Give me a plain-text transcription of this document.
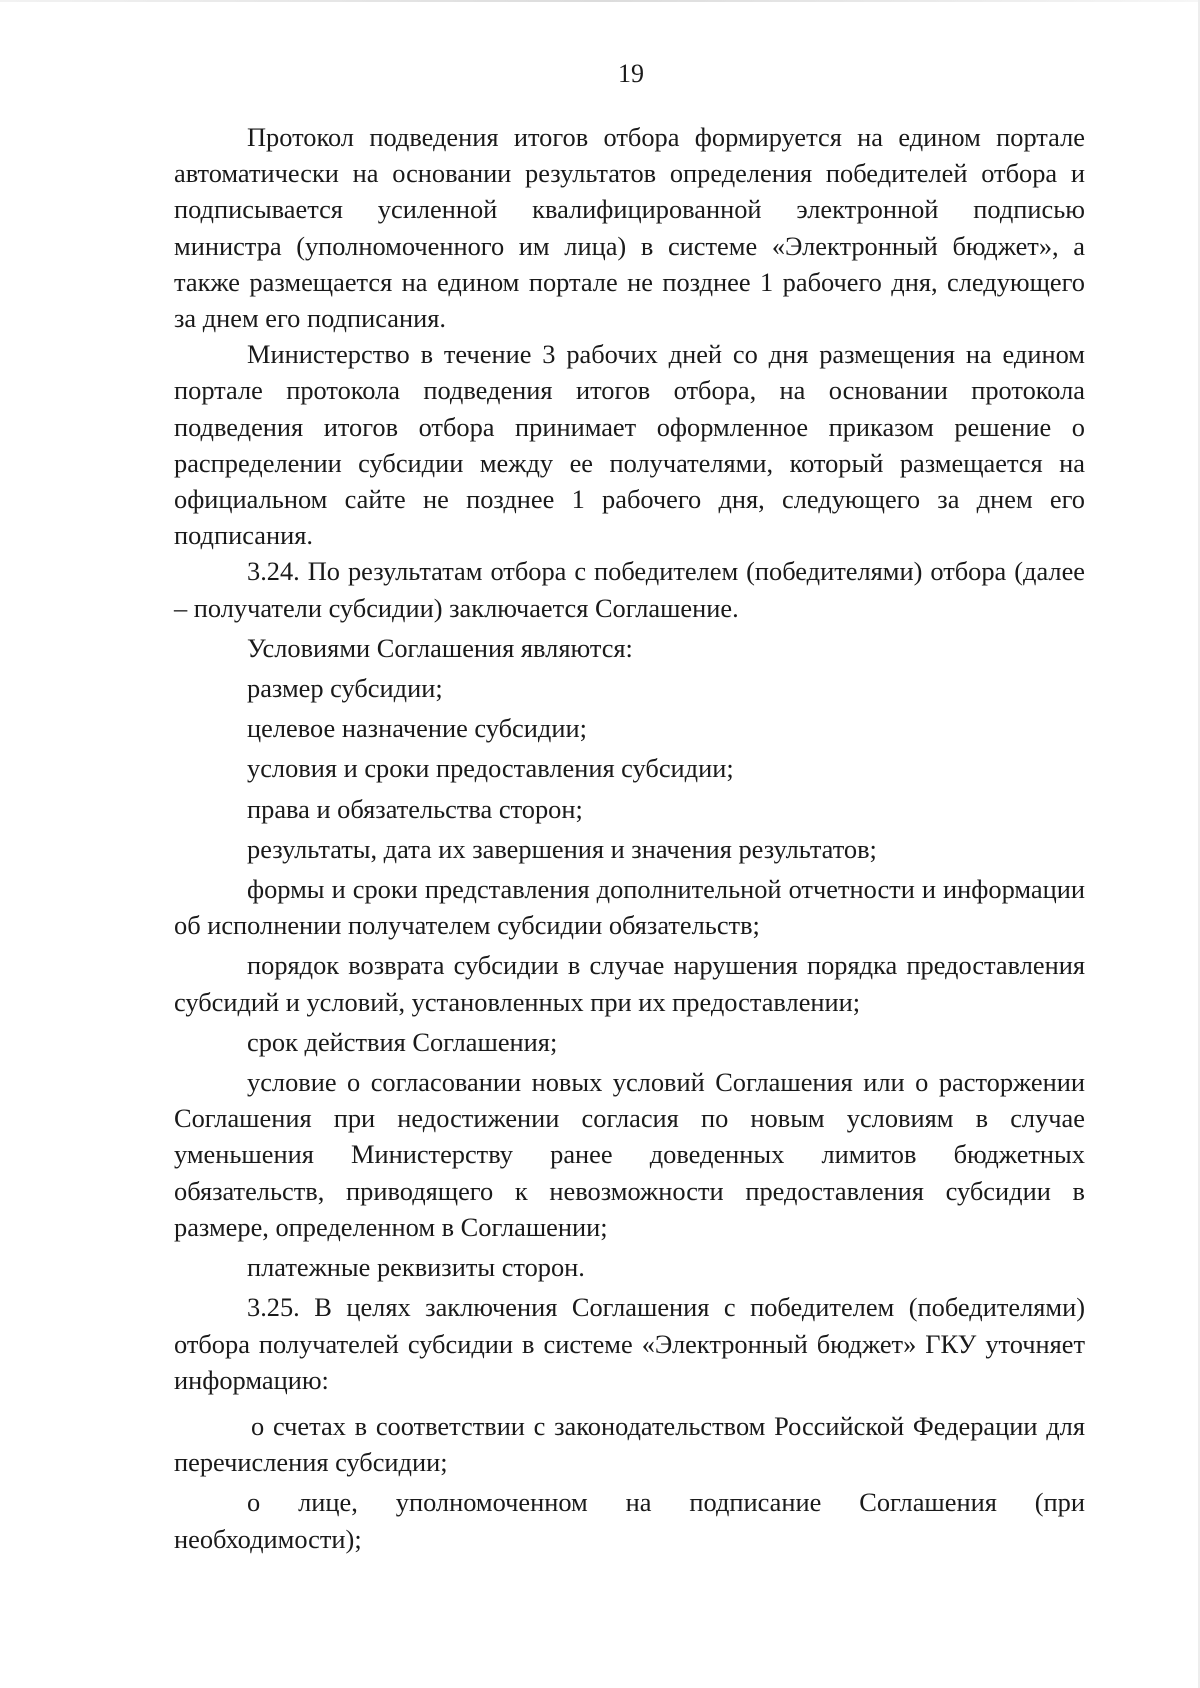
19

Протокол подведения итогов отбора формируется на едином портале автоматически на основании результатов определения победителей отбора и подписывается усиленной квалифицированной электронной подписью министра (уполномоченного им лица) в системе «Электронный бюджет», а также размещается на едином портале не позднее 1 рабочего дня, следующего за днем его подписания.

Министерство в течение 3 рабочих дней со дня размещения на едином портале протокола подведения итогов отбора, на основании протокола подведения итогов отбора принимает оформленное приказом решение о распределении субсидии между ее получателями, который размещается на официальном сайте не позднее 1 рабочего дня, следующего за днем его подписания.

3.24. По результатам отбора с победителем (победителями) отбора (далее – получатели субсидии) заключается Соглашение.

Условиями Соглашения являются:

размер субсидии;

целевое назначение субсидии;

условия и сроки предоставления субсидии;

права и обязательства сторон;

результаты, дата их завершения и значения результатов;

формы и сроки представления дополнительной отчетности и информации об исполнении получателем субсидии обязательств;

порядок возврата субсидии в случае нарушения порядка предоставления субсидий и условий, установленных при их предоставлении;

срок действия Соглашения;

условие о согласовании новых условий Соглашения или о расторжении Соглашения при недостижении согласия по новым условиям в случае уменьшения Министерству ранее доведенных лимитов бюджетных обязательств, приводящего к невозможности предоставления субсидии в размере, определенном в Соглашении;

платежные реквизиты сторон.

3.25. В целях заключения Соглашения с победителем (победителями) отбора получателей субсидии в системе «Электронный бюджет» ГКУ уточняет информацию:

о счетах в соответствии с законодательством Российской Федерации для перечисления субсидии;

о лице, уполномоченном на подписание Соглашения (при необходимости);
